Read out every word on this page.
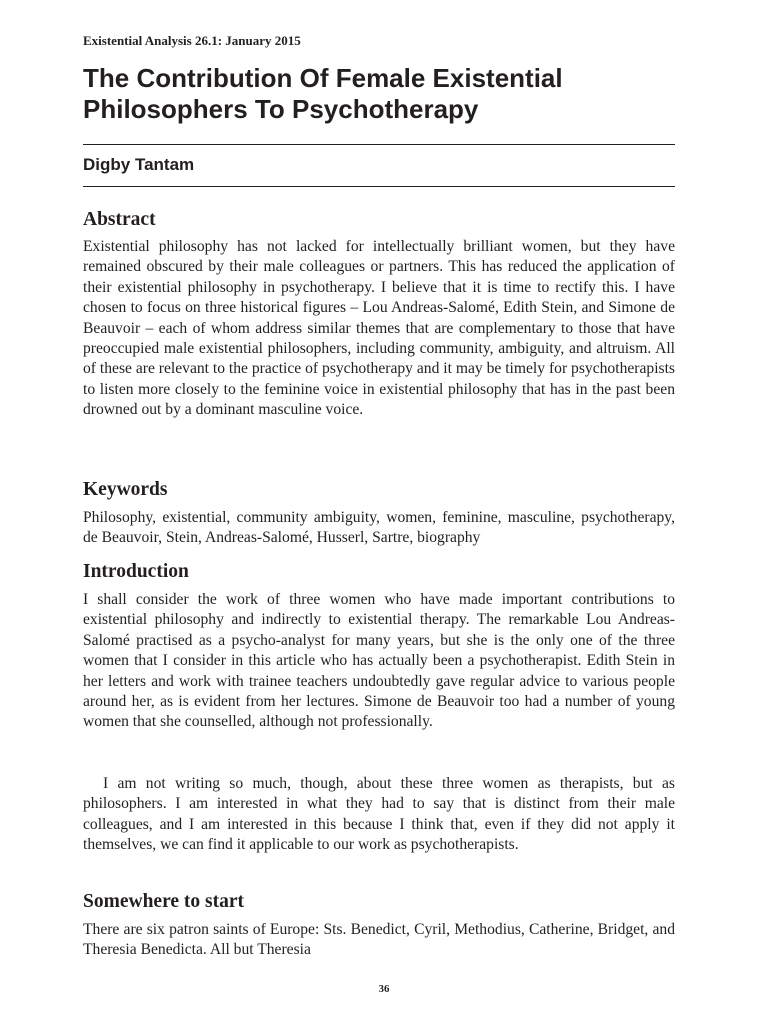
Existential Analysis 26.1: January 2015
The Contribution Of Female Existential Philosophers To Psychotherapy
Digby Tantam
Abstract

Existential philosophy has not lacked for intellectually brilliant women, but they have remained obscured by their male colleagues or partners. This has reduced the application of their existential philosophy in psychotherapy. I believe that it is time to rectify this. I have chosen to focus on three historical figures – Lou Andreas-Salomé, Edith Stein, and Simone de Beauvoir – each of whom address similar themes that are complementary to those that have preoccupied male existential philosophers, including community, ambiguity, and altruism. All of these are relevant to the practice of psychotherapy and it may be timely for psychotherapists to listen more closely to the feminine voice in existential philosophy that has in the past been drowned out by a dominant masculine voice.

Keywords

Philosophy, existential, community ambiguity, women, feminine, masculine, psychotherapy, de Beauvoir, Stein, Andreas-Salomé, Husserl, Sartre, biography

Introduction

I shall consider the work of three women who have made important contributions to existential philosophy and indirectly to existential therapy. The remarkable Lou Andreas-Salomé practised as a psycho-analyst for many years, but she is the only one of the three women that I consider in this article who has actually been a psychotherapist. Edith Stein in her letters and work with trainee teachers undoubtedly gave regular advice to various people around her, as is evident from her lectures. Simone de Beauvoir too had a number of young women that she counselled, although not professionally.

I am not writing so much, though, about these three women as therapists, but as philosophers. I am interested in what they had to say that is distinct from their male colleagues, and I am interested in this because I think that, even if they did not apply it themselves, we can find it applicable to our work as psychotherapists.

Somewhere to start

There are six patron saints of Europe: Sts. Benedict, Cyril, Methodius, Catherine, Bridget, and Theresia Benedicta. All but Theresia

36
